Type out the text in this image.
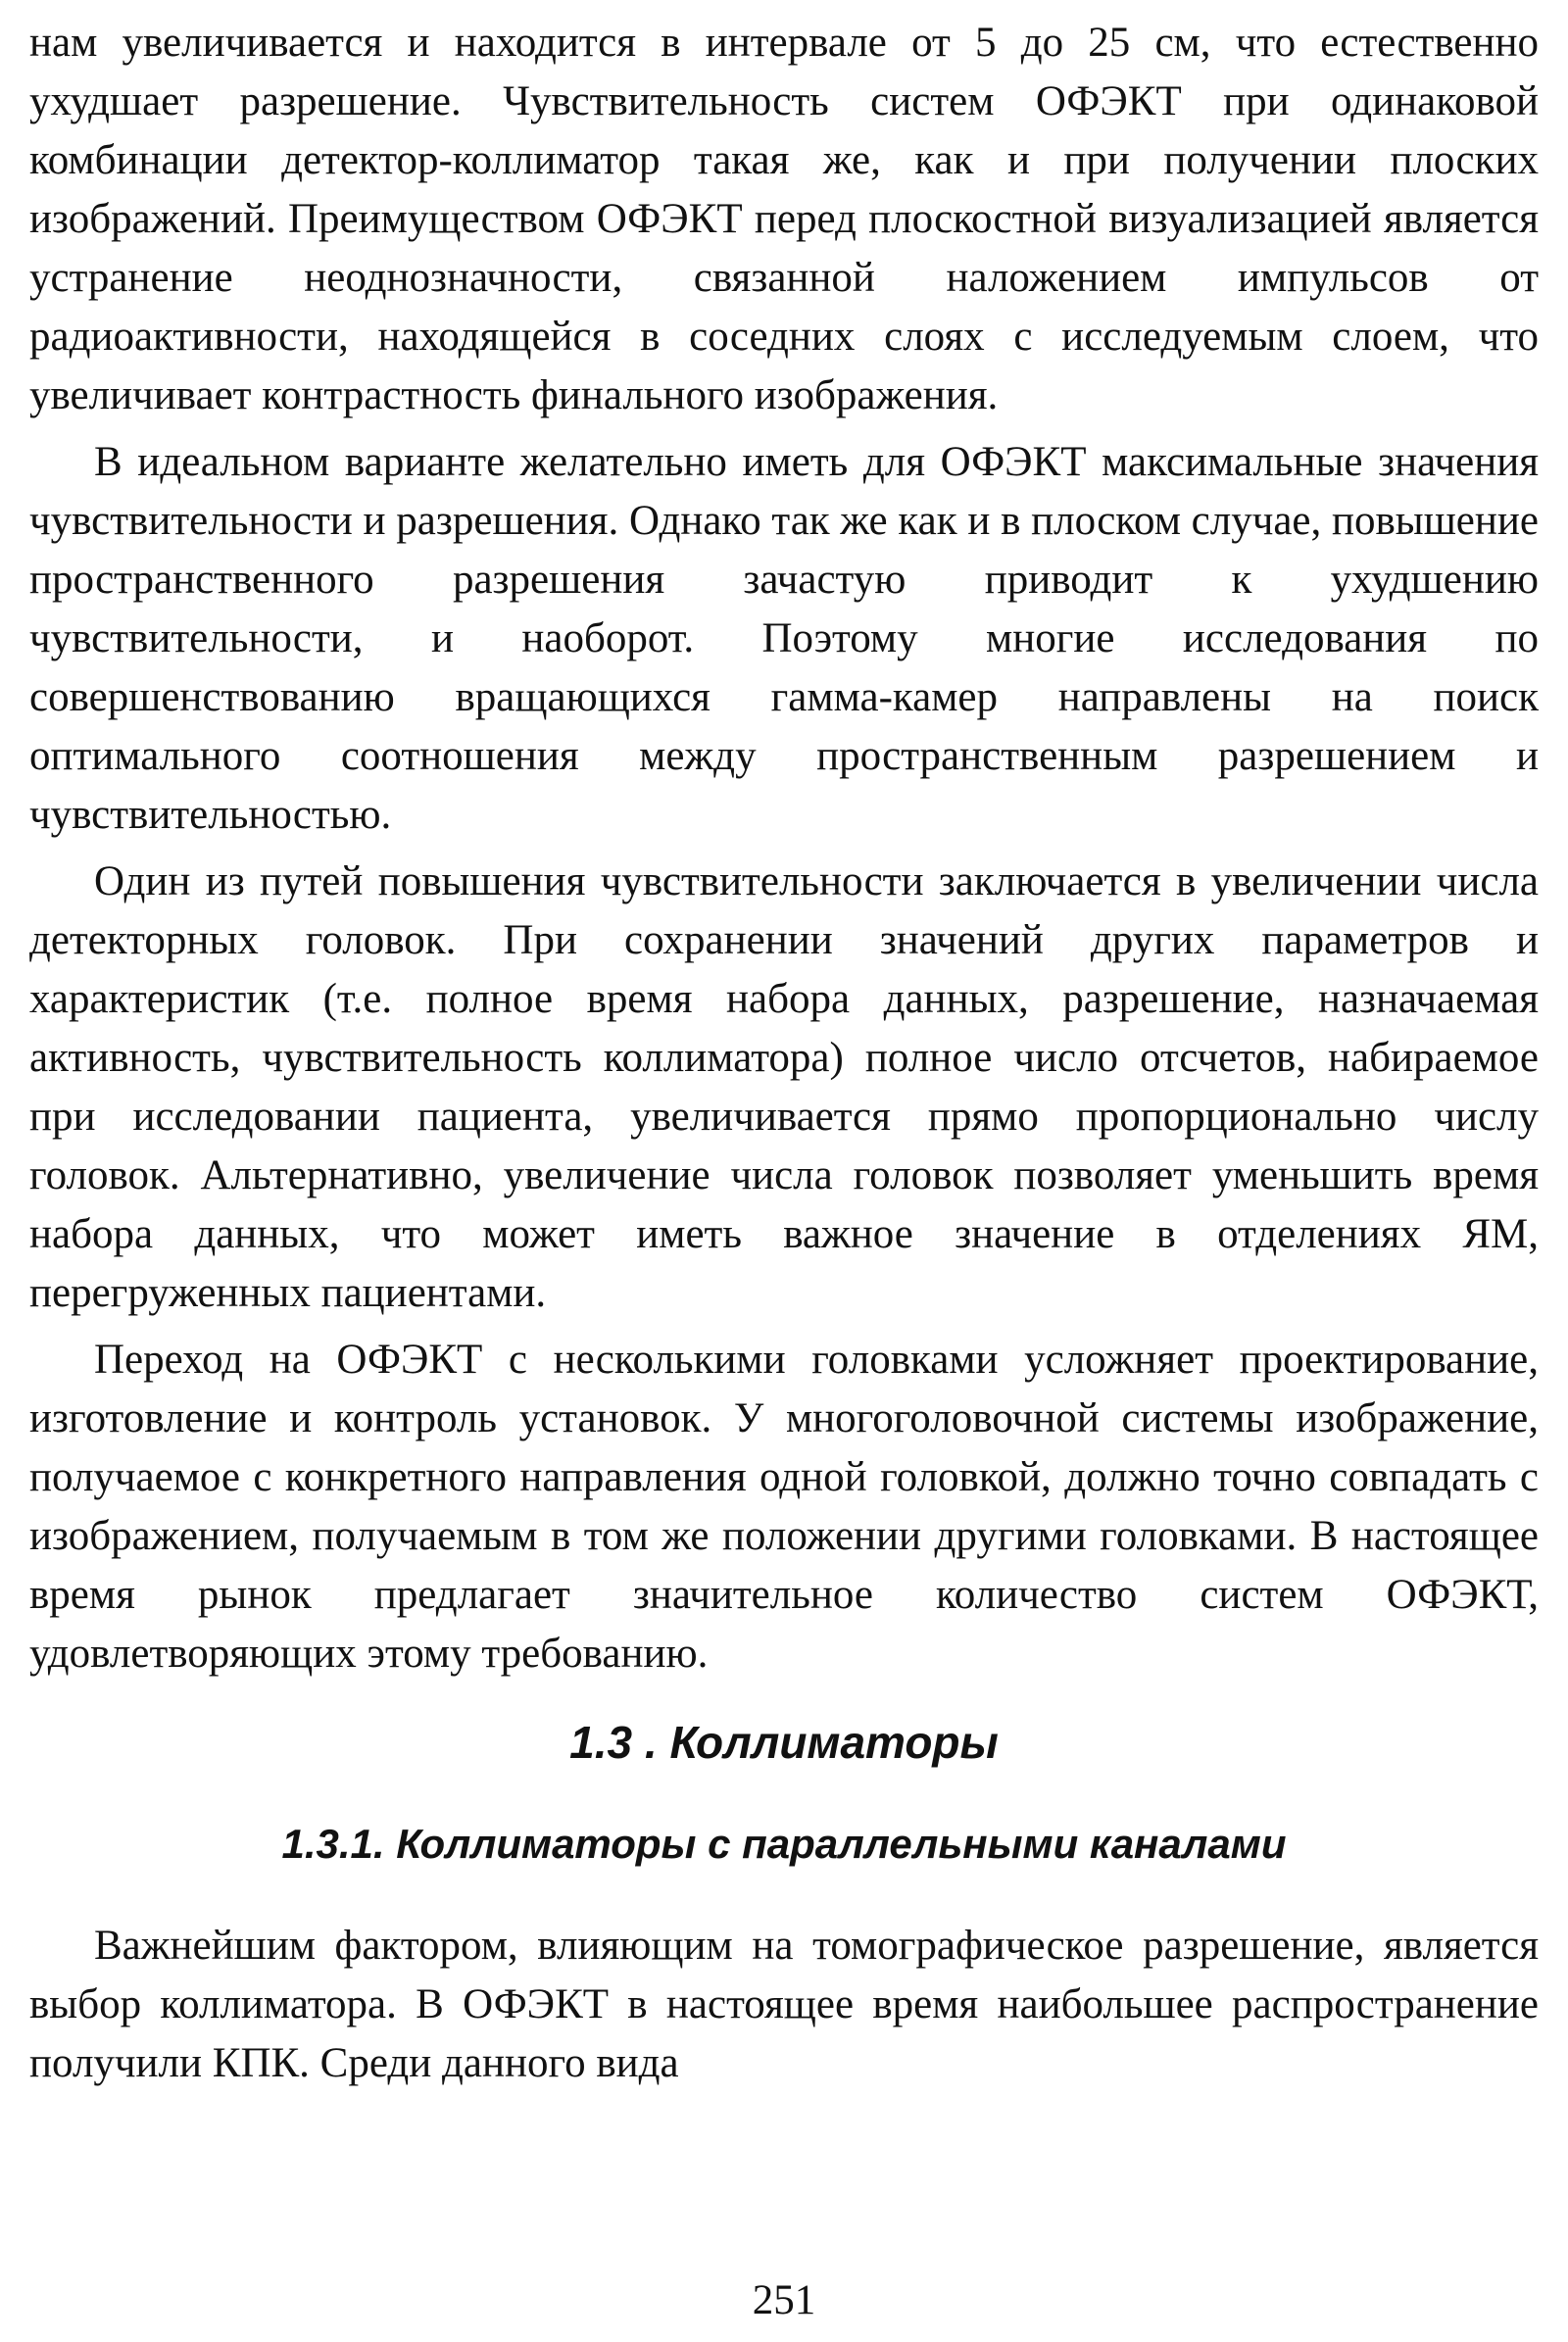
нам увеличивается и находится в интервале от 5 до 25 см, что естественно ухудшает разрешение. Чувствительность систем ОФЭКТ при одинаковой комбинации детектор-коллиматор такая же, как и при получении плоских изображений. Преимуществом ОФЭКТ перед плоскостной визуализацией является устранение неоднозначности, связанной наложением импульсов от радиоактивности, находящейся в соседних слоях с исследуемым слоем, что увеличивает контрастность финального изображения.

В идеальном варианте желательно иметь для ОФЭКТ максимальные значения чувствительности и разрешения. Однако так же как и в плоском случае, повышение пространственного разрешения зачастую приводит к ухудшению чувствительности, и наоборот. Поэтому многие исследования по совершенствованию вращающихся гамма-камер направлены на поиск оптимального соотношения между пространственным разрешением и чувствительностью.

Один из путей повышения чувствительности заключается в увеличении числа детекторных головок. При сохранении значений других параметров и характеристик (т.е. полное время набора данных, разрешение, назначаемая активность, чувствительность коллиматора) полное число отсчетов, набираемое при исследовании пациента, увеличивается прямо пропорционально числу головок. Альтернативно, увеличение числа головок позволяет уменьшить время набора данных, что может иметь важное значение в отделениях ЯМ, перегруженных пациентами.

Переход на ОФЭКТ с несколькими головками усложняет проектирование, изготовление и контроль установок. У многоголовочной системы изображение, получаемое с конкретного направления одной головкой, должно точно совпадать с изображением, получаемым в том же положении другими головками. В настоящее время рынок предлагает значительное количество систем ОФЭКТ, удовлетворяющих этому требованию.

1.3 . Коллиматоры
1.3.1. Коллиматоры с параллельными каналами

Важнейшим фактором, влияющим на томографическое разрешение, является выбор коллиматора. В ОФЭКТ в настоящее время наибольшее распространение получили КПК. Среди данного вида

251
